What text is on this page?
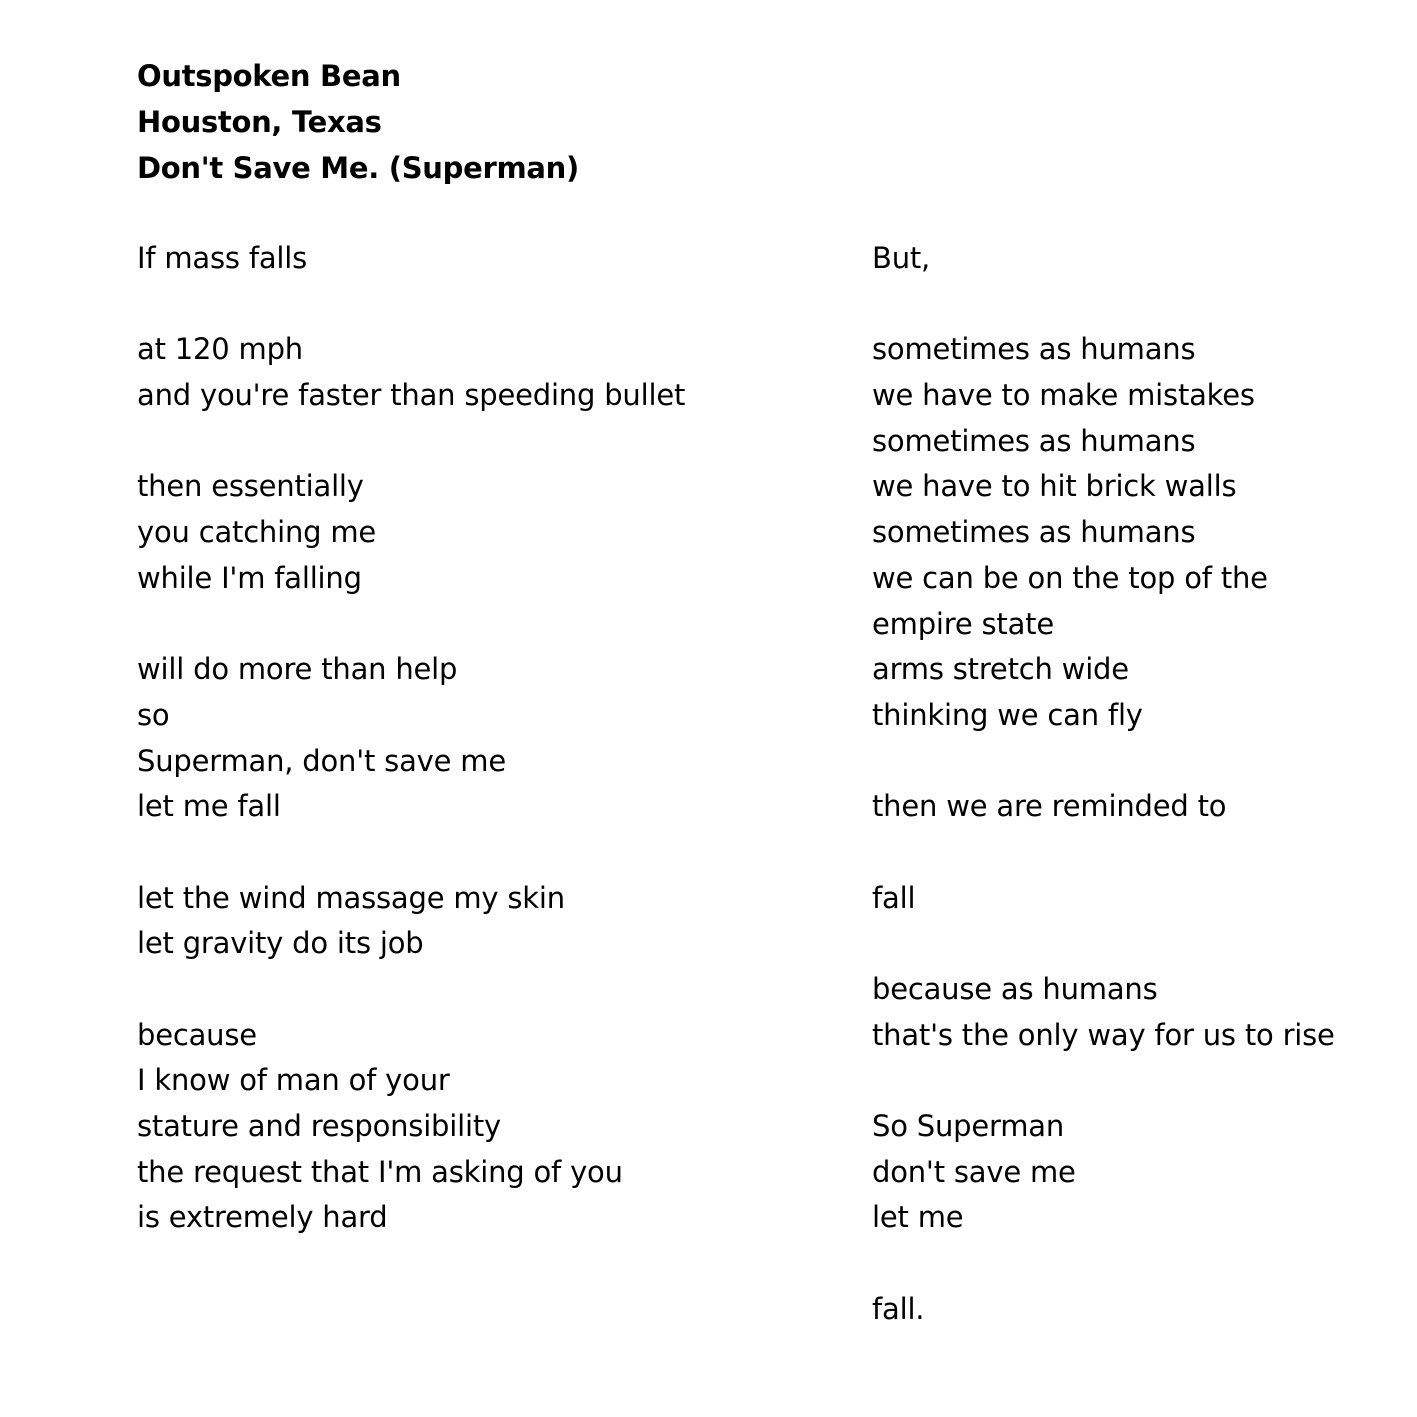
Outspoken Bean
Houston, Texas
Don't Save Me. (Superman)
If mass falls
at 120 mph
and you're faster than speeding bullet
then essentially
you catching me
while I'm falling
will do more than help
so
Superman, don't save me
let me fall
let the wind massage my skin
let gravity do its job
because
I know of man of your
stature and responsibility
the request that I'm asking of you
is extremely hard
But,
sometimes as humans
we have to make mistakes
sometimes as humans
we have to hit brick walls
sometimes as humans
we can be on the top of the
empire state
arms stretch wide
thinking we can fly
then we are reminded to
fall
because as humans
that's the only way for us to rise
So Superman
don't save me
let me
fall.
